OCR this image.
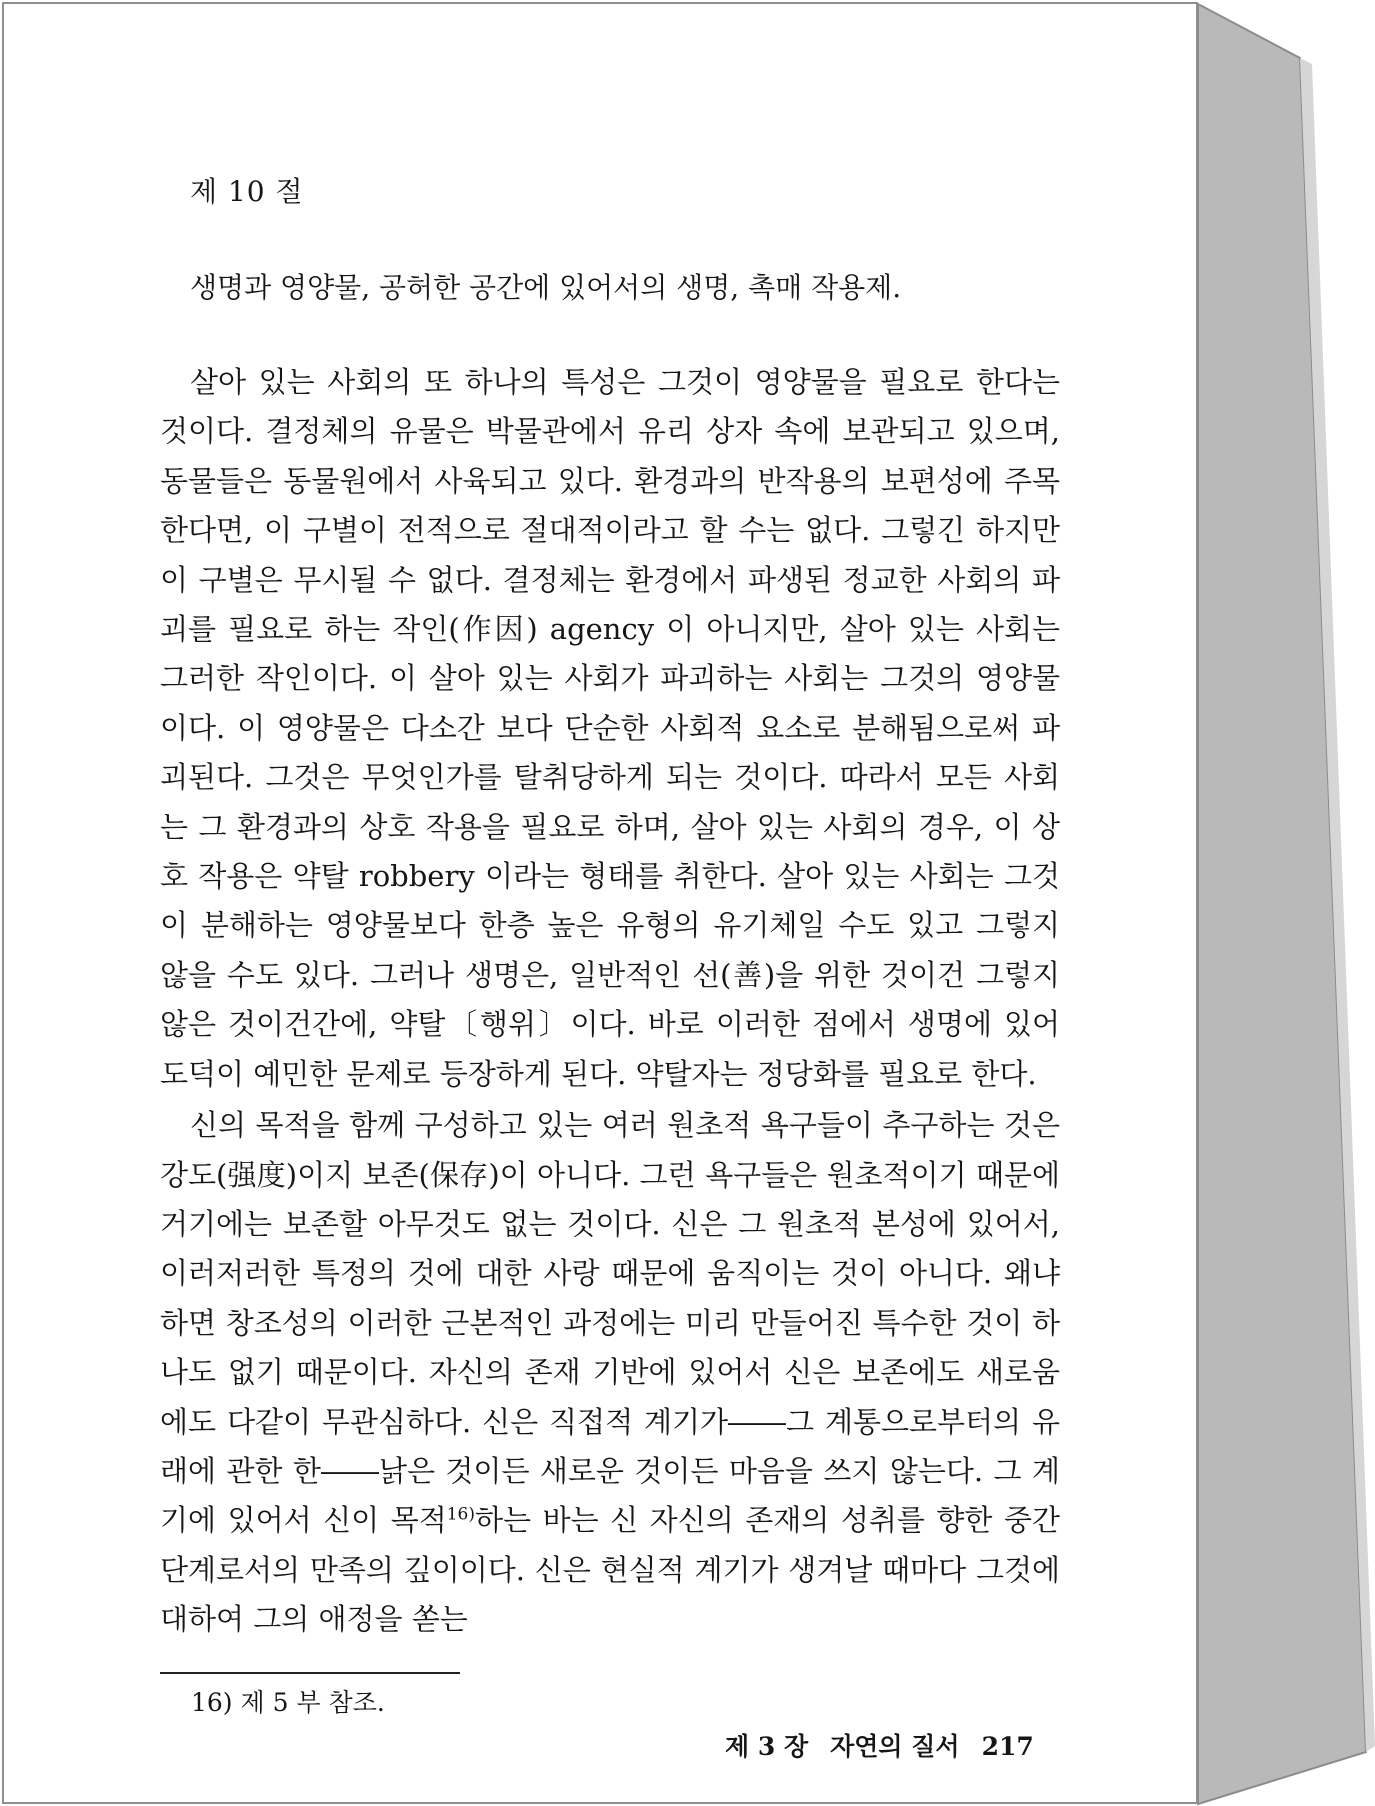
제 10 절
생명과 영양물, 공허한 공간에 있어서의 생명, 촉매 작용제.

살아 있는 사회의 또 하나의 특성은 그것이 영양물을 필요로 한다는 것이다. 결정체의 유물은 박물관에서 유리 상자 속에 보관되고 있으며, 동물들은 동물원에서 사육되고 있다. 환경과의 반작용의 보편성에 주목한다면, 이 구별이 전적으로 절대적이라고 할 수는 없다. 그렇긴 하지만 이 구별은 무시될 수 없다. 결정체는 환경에서 파생된 정교한 사회의 파괴를 필요로 하는 작인(作因) agency 이 아니지만, 살아 있는 사회는 그러한 작인이다. 이 살아 있는 사회가 파괴하는 사회는 그것의 영양물이다. 이 영양물은 다소간 보다 단순한 사회적 요소로 분해됨으로써 파괴된다. 그것은 무엇인가를 탈취당하게 되는 것이다. 따라서 모든 사회는 그 환경과의 상호 작용을 필요로 하며, 살아 있는 사회의 경우, 이 상호 작용은 약탈 robbery 이라는 형태를 취한다. 살아 있는 사회는 그것이 분해하는 영양물보다 한층 높은 유형의 유기체일 수도 있고 그렇지 않을 수도 있다. 그러나 생명은, 일반적인 선(善)을 위한 것이건 그렇지 않은 것이건간에, 약탈〔행위〕이다. 바로 이러한 점에서 생명에 있어 도덕이 예민한 문제로 등장하게 된다. 약탈자는 정당화를 필요로 한다.

신의 목적을 함께 구성하고 있는 여러 원초적 욕구들이 추구하는 것은 강도(强度)이지 보존(保存)이 아니다. 그런 욕구들은 원초적이기 때문에 거기에는 보존할 아무것도 없는 것이다. 신은 그 원초적 본성에 있어서, 이러저러한 특정의 것에 대한 사랑 때문에 움직이는 것이 아니다. 왜냐하면 창조성의 이러한 근본적인 과정에는 미리 만들어진 특수한 것이 하나도 없기 때문이다. 자신의 존재 기반에 있어서 신은 보존에도 새로움에도 다같이 무관심하다. 신은 직접적 계기가――그 계통으로부터의 유래에 관한 한――낡은 것이든 새로운 것이든 마음을 쓰지 않는다. 그 계기에 있어서 신이 목적$^{16)}$하는 바는 신 자신의 존재의 성취를 향한 중간 단계로서의 만족의 깊이이다. 신은 현실적 계기가 생겨날 때마다 그것에 대하여 그의 애정을 쏟는

16) 제 5 부 참조.
제 3 장 자연의 질서 217
